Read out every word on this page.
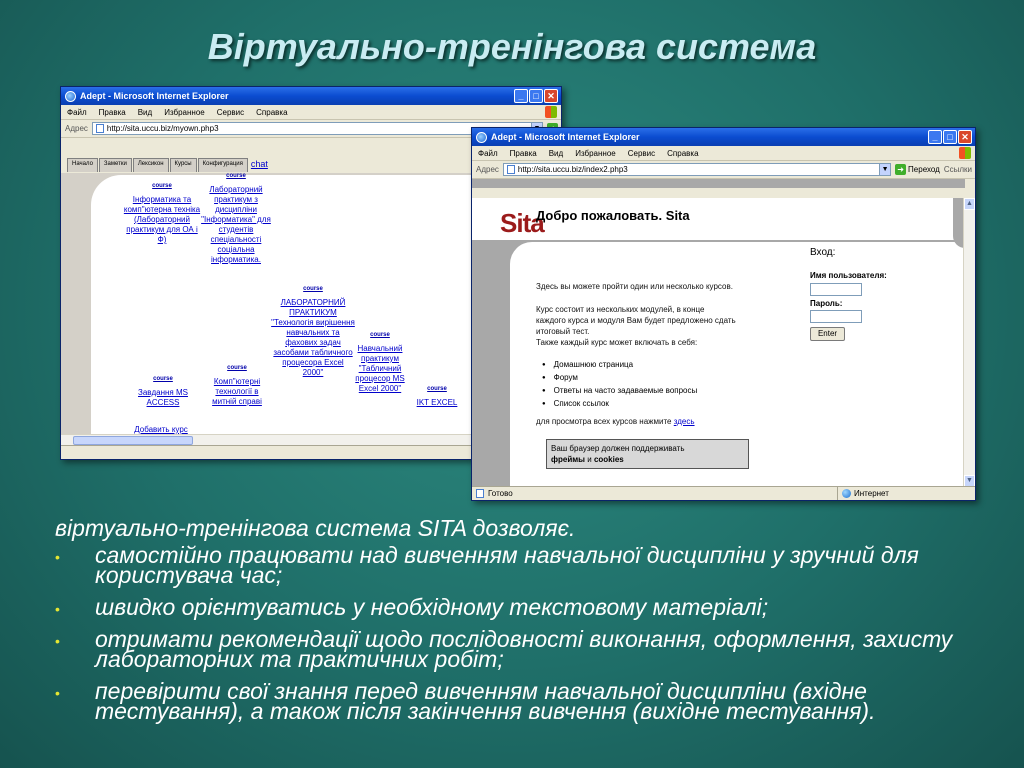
Віртуально-тренінгова система
Adept - Microsoft Internet Explorer	_	□ ✕
Файл Правка Вид Избранное Сервис Справка
Адрес http://sita.uccu.biz/myown.php3
Начало	Заметки	Лексикон	Курсы	Конфигурация chat
course
Інформатика та комп"ютерна техніка (Лабораторний практикум для ОА і Ф)
course
Лабораторний практикум з дисципліни "Інформатика" для студентів спеціальності соціальна інформатика.
course
ЛАБОРАТОРНИЙ ПРАКТИКУМ "Технологія вирішення навчальних та фахових задач засобами табличного процесора Excel 2000"
course
Навчальний практикум "Табличний процесор MS Excel 2000"
course
Комп"ютерні технології в митній справі
course
Завдання MS ACCESS
course
IKT EXCEL
Добавить курс
Adept - Microsoft Internet Explorer	_	□ ✕
Файл Правка Вид Избранное Сервис Справка
Адрес http://sita.uccu.biz/index2.php3	▼ ➜ Переход Ссылки
Sita
Добро пожаловать. Sita
Здесь вы можете пройти один или несколько курсов.
Курс состоит из нескольких модулей, в конце
каждого курса и модуля Вам будет предложено сдать
итоговый тест.
Также каждый курс может включать в себя:
● Домашнюю страница
● Форум
● Ответы на часто задаваемые вопросы
● Список ссылок
для просмотра всех курсов нажмите здесь
Ваш браузер должен поддерживать
фреймы и cookies
Вход:
Имя пользователя:
Пароль:
Enter
▲
▼
Готово	Интернет
віртуально-тренінгова система SITA дозволяє.
• самостійно працювати над вивченням навчальної дисципліни у зручний для користувача час;
• швидко орієнтуватись у необхідному текстовому матеріалі;
• отримати рекомендації щодо послідовності виконання, оформлення, захисту лабораторних та практичних робіт;
• перевірити свої знання перед вивченням навчальної дисципліни (вхідне тестування), а також після закінчення вивчення (вихідне тестування).
